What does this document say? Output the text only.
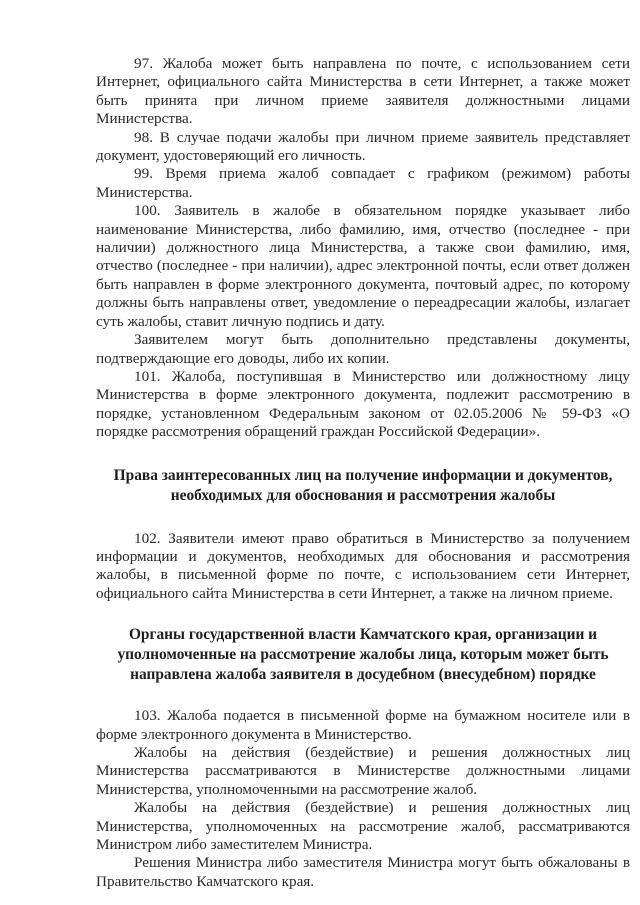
97. Жалоба может быть направлена по почте, с использованием сети Интернет, официального сайта Министерства в сети Интернет, а также может быть принята при личном приеме заявителя должностными лицами Министерства.

98. В случае подачи жалобы при личном приеме заявитель представляет документ, удостоверяющий его личность.

99. Время приема жалоб совпадает с графиком (режимом) работы Министерства.

100. Заявитель в жалобе в обязательном порядке указывает либо наименование Министерства, либо фамилию, имя, отчество (последнее - при наличии) должностного лица Министерства, а также свои фамилию, имя, отчество (последнее - при наличии), адрес электронной почты, если ответ должен быть направлен в форме электронного документа, почтовый адрес, по которому должны быть направлены ответ, уведомление о переадресации жалобы, излагает суть жалобы, ставит личную подпись и дату.

Заявителем могут быть дополнительно представлены документы, подтверждающие его доводы, либо их копии.

101. Жалоба, поступившая в Министерство или должностному лицу Министерства в форме электронного документа, подлежит рассмотрению в порядке, установленном Федеральным законом от 02.05.2006 № 59-ФЗ «О порядке рассмотрения обращений граждан Российской Федерации».

Права заинтересованных лиц на получение информации и документов, необходимых для обоснования и рассмотрения жалобы

102. Заявители имеют право обратиться в Министерство за получением информации и документов, необходимых для обоснования и рассмотрения жалобы, в письменной форме по почте, с использованием сети Интернет, официального сайта Министерства в сети Интернет, а также на личном приеме.

Органы государственной власти Камчатского края, организации и уполномоченные на рассмотрение жалобы лица, которым может быть направлена жалоба заявителя в досудебном (внесудебном) порядке

103. Жалоба подается в письменной форме на бумажном носителе или в форме электронного документа в Министерство.

Жалобы на действия (бездействие) и решения должностных лиц Министерства рассматриваются в Министерстве должностными лицами Министерства, уполномоченными на рассмотрение жалоб.

Жалобы на действия (бездействие) и решения должностных лиц Министерства, уполномоченных на рассмотрение жалоб, рассматриваются Министром либо заместителем Министра.

Решения Министра либо заместителя Министра могут быть обжалованы в Правительство Камчатского края.
